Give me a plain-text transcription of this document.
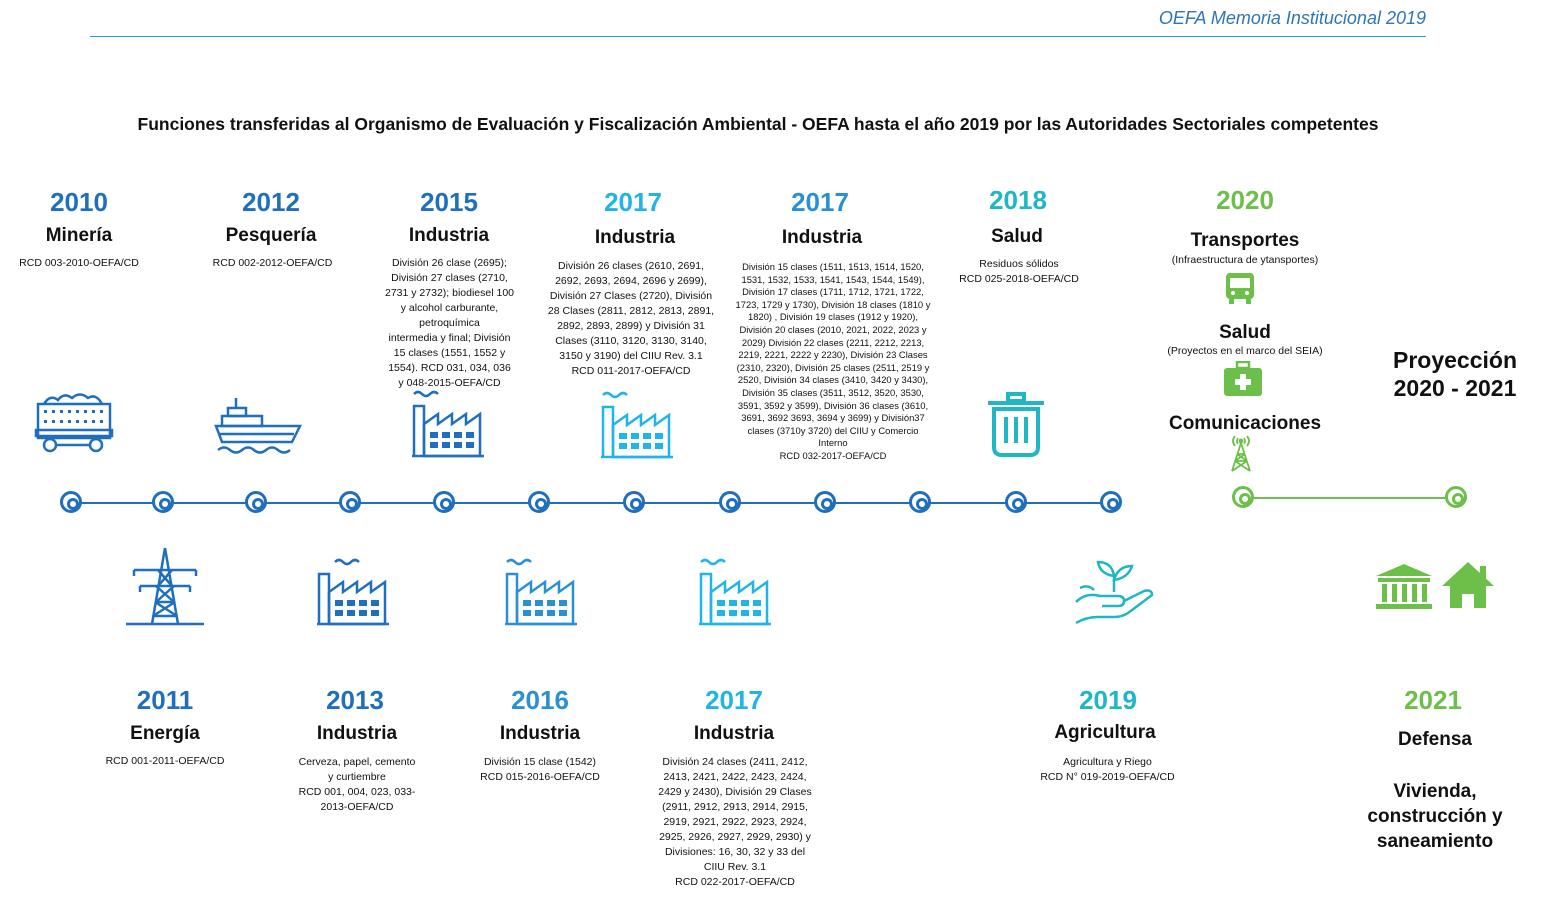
OEFA Memoria Institucional 2019
Funciones transferidas al Organismo de Evaluación y Fiscalización Ambiental - OEFA hasta el año 2019 por las Autoridades Sectoriales competentes
2010
Minería
RCD 003-2010-OEFA/CD
2012
Pesquería
RCD 002-2012-OEFA/CD
2015
Industria
División 26 clase (2695);
División 27 clases (2710,
2731 y 2732); biodiesel 100
y alcohol carburante,
petroquímica
intermedia y final; División
15 clases (1551, 1552 y
1554). RCD 031, 034, 036
y 048-2015-OEFA/CD
2017
Industria
División 26 clases (2610, 2691,
2692, 2693, 2694, 2696 y 2699),
División 27 Clases (2720), División
28 Clases (2811, 2812, 2813, 2891,
2892, 2893, 2899) y División 31
Clases (3110, 3120, 3130, 3140,
3150 y 3190) del CIIU Rev. 3.1
RCD 011-2017-OEFA/CD
2017
Industria
División 15 clases (1511, 1513, 1514, 1520,
1531, 1532, 1533, 1541, 1543, 1544, 1549),
División 17 clases (1711, 1712, 1721, 1722,
1723, 1729 y 1730), División 18 clases (1810 y
1820) , División 19 clases (1912 y 1920),
División 20 clases (2010, 2021, 2022, 2023 y
2029) División 22 clases (2211, 2212, 2213,
2219, 2221, 2222 y 2230), División 23 Clases
(2310, 2320), División 25 clases (2511, 2519 y
2520, División 34 clases (3410, 3420 y 3430),
División 35 clases (3511, 3512, 3520, 3530,
3591, 3592 y 3599), División 36 clases (3610,
3691, 3692 3693, 3694 y 3699) y División37
clases (3710y 3720) del CIIU y Comercio
Interno
RCD 032-2017-OEFA/CD
2018
Salud
Residuos sólidos
RCD 025-2018-OEFA/CD
2020
Transportes
(Infraestructura de ytansportes)
Salud
(Proyectos en el marco del SEIA)
Comunicaciones
Proyección
2020 - 2021
2011
Energía
RCD 001-2011-OEFA/CD
2013
Industria
Cerveza, papel, cemento
y curtiembre
RCD 001, 004, 023, 033-
2013-OEFA/CD
2016
Industria
División 15 clase (1542)
RCD 015-2016-OEFA/CD
2017
Industria
División 24 clases (2411, 2412,
2413, 2421, 2422, 2423, 2424,
2429 y 2430), División 29 Clases
(2911, 2912, 2913, 2914, 2915,
2919, 2921, 2922, 2923, 2924,
2925, 2926, 2927, 2929, 2930) y
Divisiones: 16, 30, 32 y 33 del
CIIU Rev. 3.1
RCD 022-2017-OEFA/CD
2019
Agricultura
Agricultura y Riego
RCD N° 019-2019-OEFA/CD
2021
Defensa
Vivienda,
construcción y
saneamiento
